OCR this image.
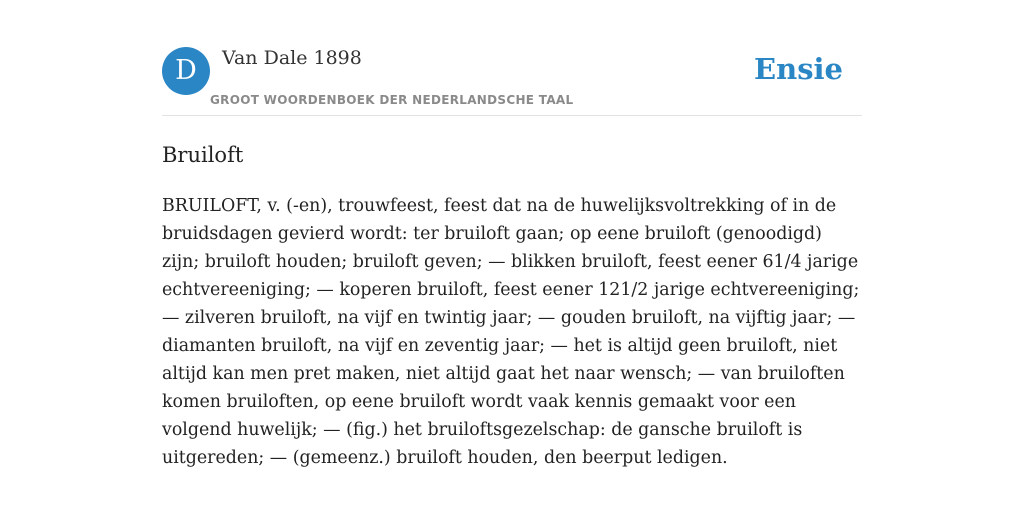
D	Van Dale 1898
GROOT WOORDENBOEK DER NEDERLANDSCHE TAAL
Ensie
Bruiloft

BRUILOFT, v. (-en), trouwfeest, feest dat na de huwelijksvoltrekking of in de bruidsdagen gevierd wordt: ter bruiloft gaan; op eene bruiloft (genoodigd) zijn; bruiloft houden; bruiloft geven; — blikken bruiloft, feest eener 61/4 jarige echtvereeniging; — koperen bruiloft, feest eener 121/2 jarige echtvereeniging; — zilveren bruiloft, na vijf en twintig jaar; — gouden bruiloft, na vijftig jaar; — diamanten bruiloft, na vijf en zeventig jaar; — het is altijd geen bruiloft, niet altijd kan men pret maken, niet altijd gaat het naar wensch; — van bruiloften komen bruiloften, op eene bruiloft wordt vaak kennis gemaakt voor een volgend huwelijk; — (fig.) het bruiloftsgezelschap: de gansche bruiloft is uitgereden; — (gemeenz.) bruiloft houden, den beerput ledigen.
